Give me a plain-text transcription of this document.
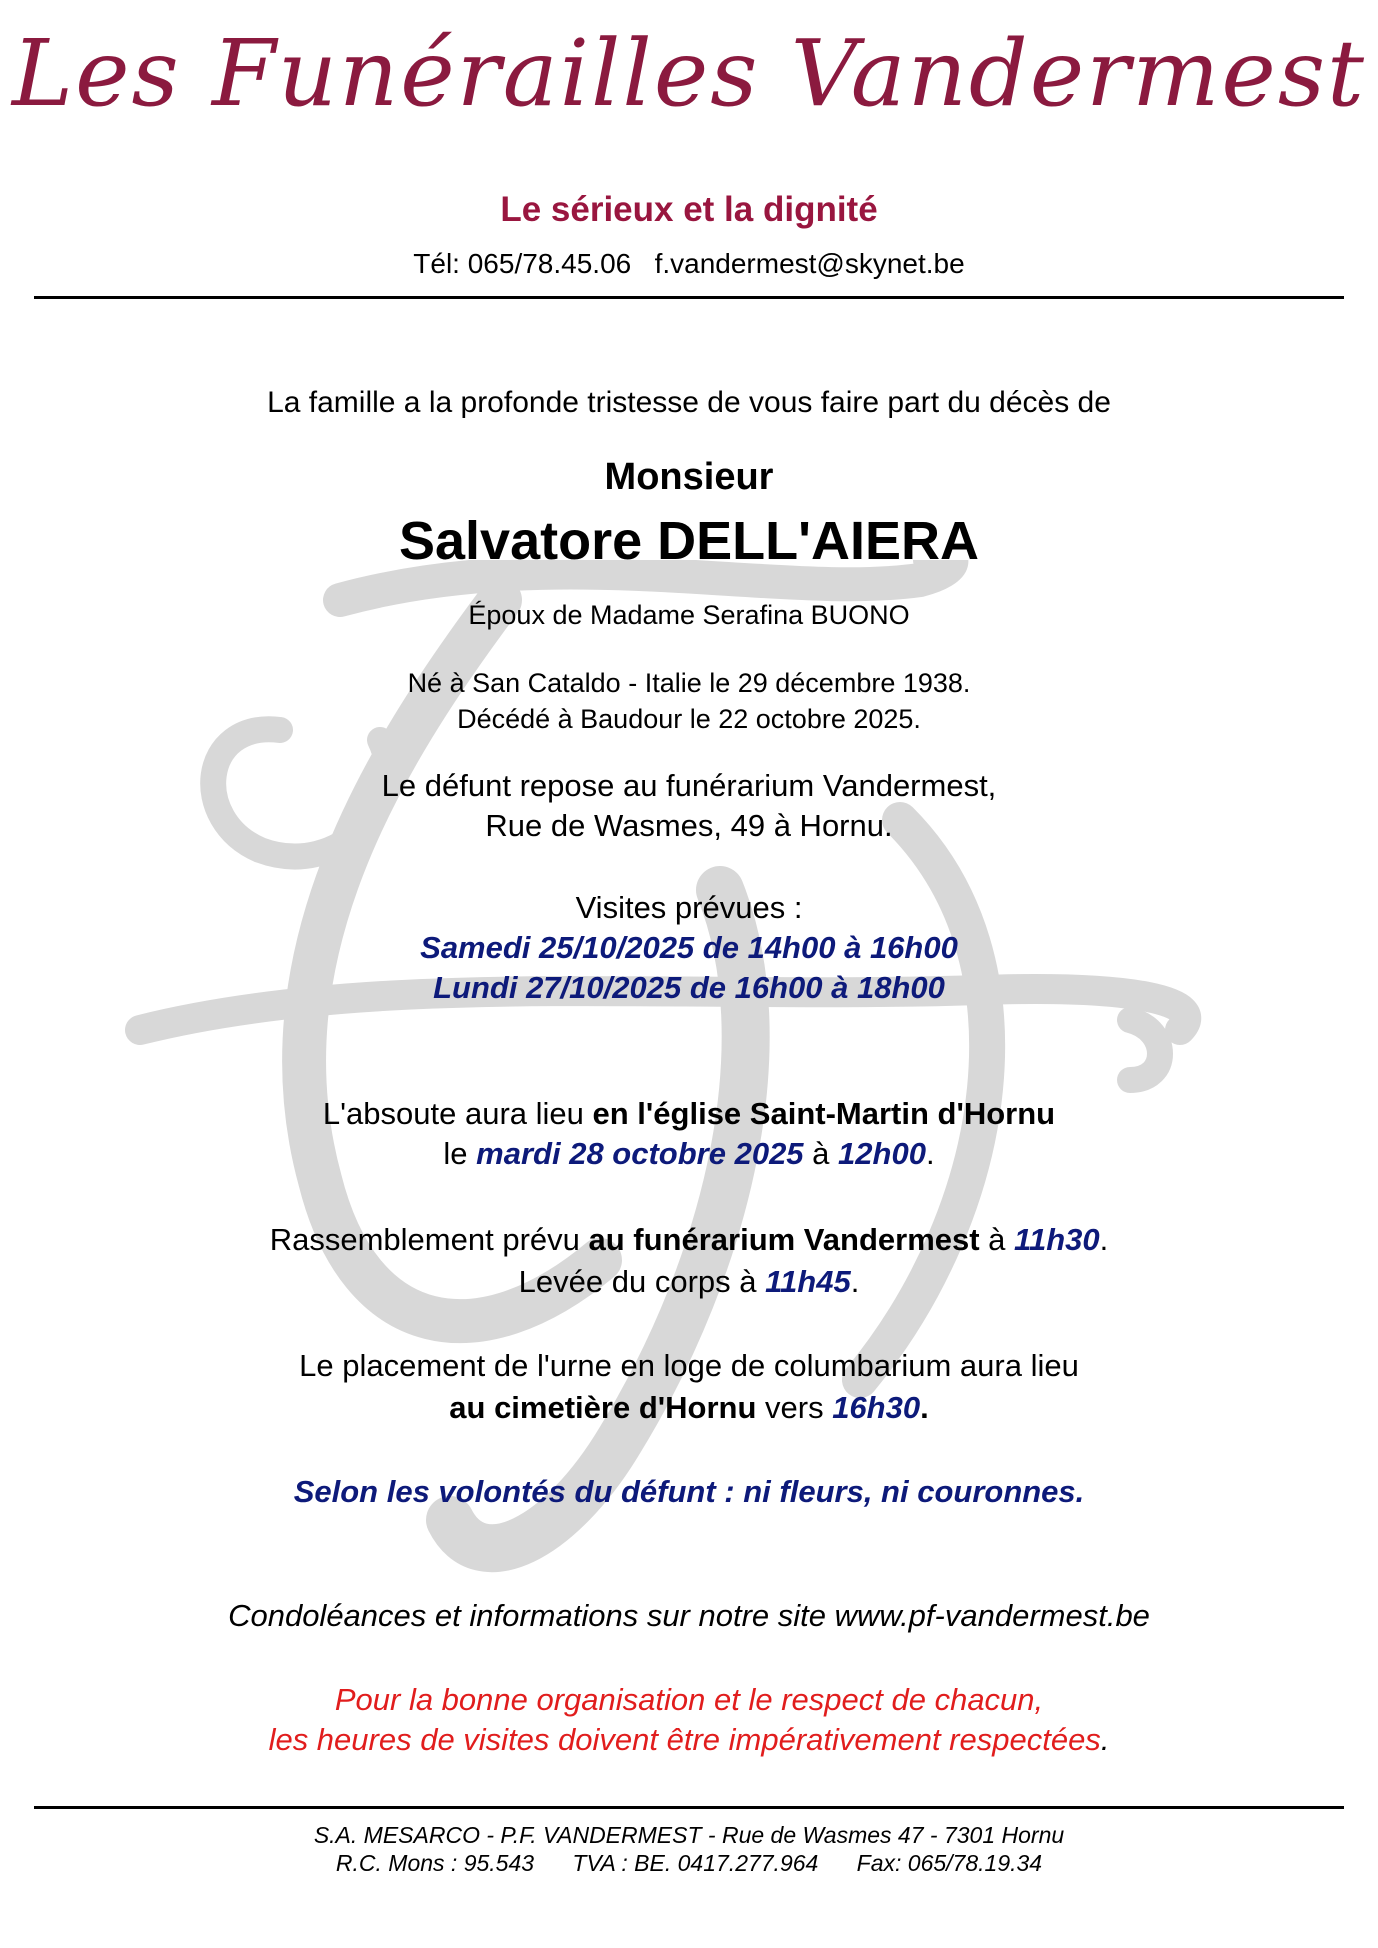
Les Funérailles Vandermest
Le sérieux et la dignité
Tél: 065/78.45.06 f.vandermest@skynet.be
La famille a la profonde tristesse de vous faire part du décès de
Monsieur
Salvatore DELL'AIERA
Époux de Madame Serafina BUONO
Né à San Cataldo - Italie le 29 décembre 1938.
Décédé à Baudour le 22 octobre 2025.
Le défunt repose au funérarium Vandermest,
Rue de Wasmes, 49 à Hornu.
Visites prévues :
Samedi 25/10/2025 de 14h00 à 16h00
Lundi 27/10/2025 de 16h00 à 18h00
L'absoute aura lieu en l'église Saint-Martin d'Hornu
le mardi 28 octobre 2025 à 12h00.
Rassemblement prévu au funérarium Vandermest à 11h30.
Levée du corps à 11h45.
Le placement de l'urne en loge de columbarium aura lieu
au cimetière d'Hornu vers 16h30.
Selon les volontés du défunt : ni fleurs, ni couronnes.
Condoléances et informations sur notre site www.pf-vandermest.be
Pour la bonne organisation et le respect de chacun,
les heures de visites doivent être impérativement respectées.
S.A. MESARCO - P.F. VANDERMEST - Rue de Wasmes 47 - 7301 Hornu
R.C. Mons : 95.543 TVA : BE. 0417.277.964 Fax: 065/78.19.34
